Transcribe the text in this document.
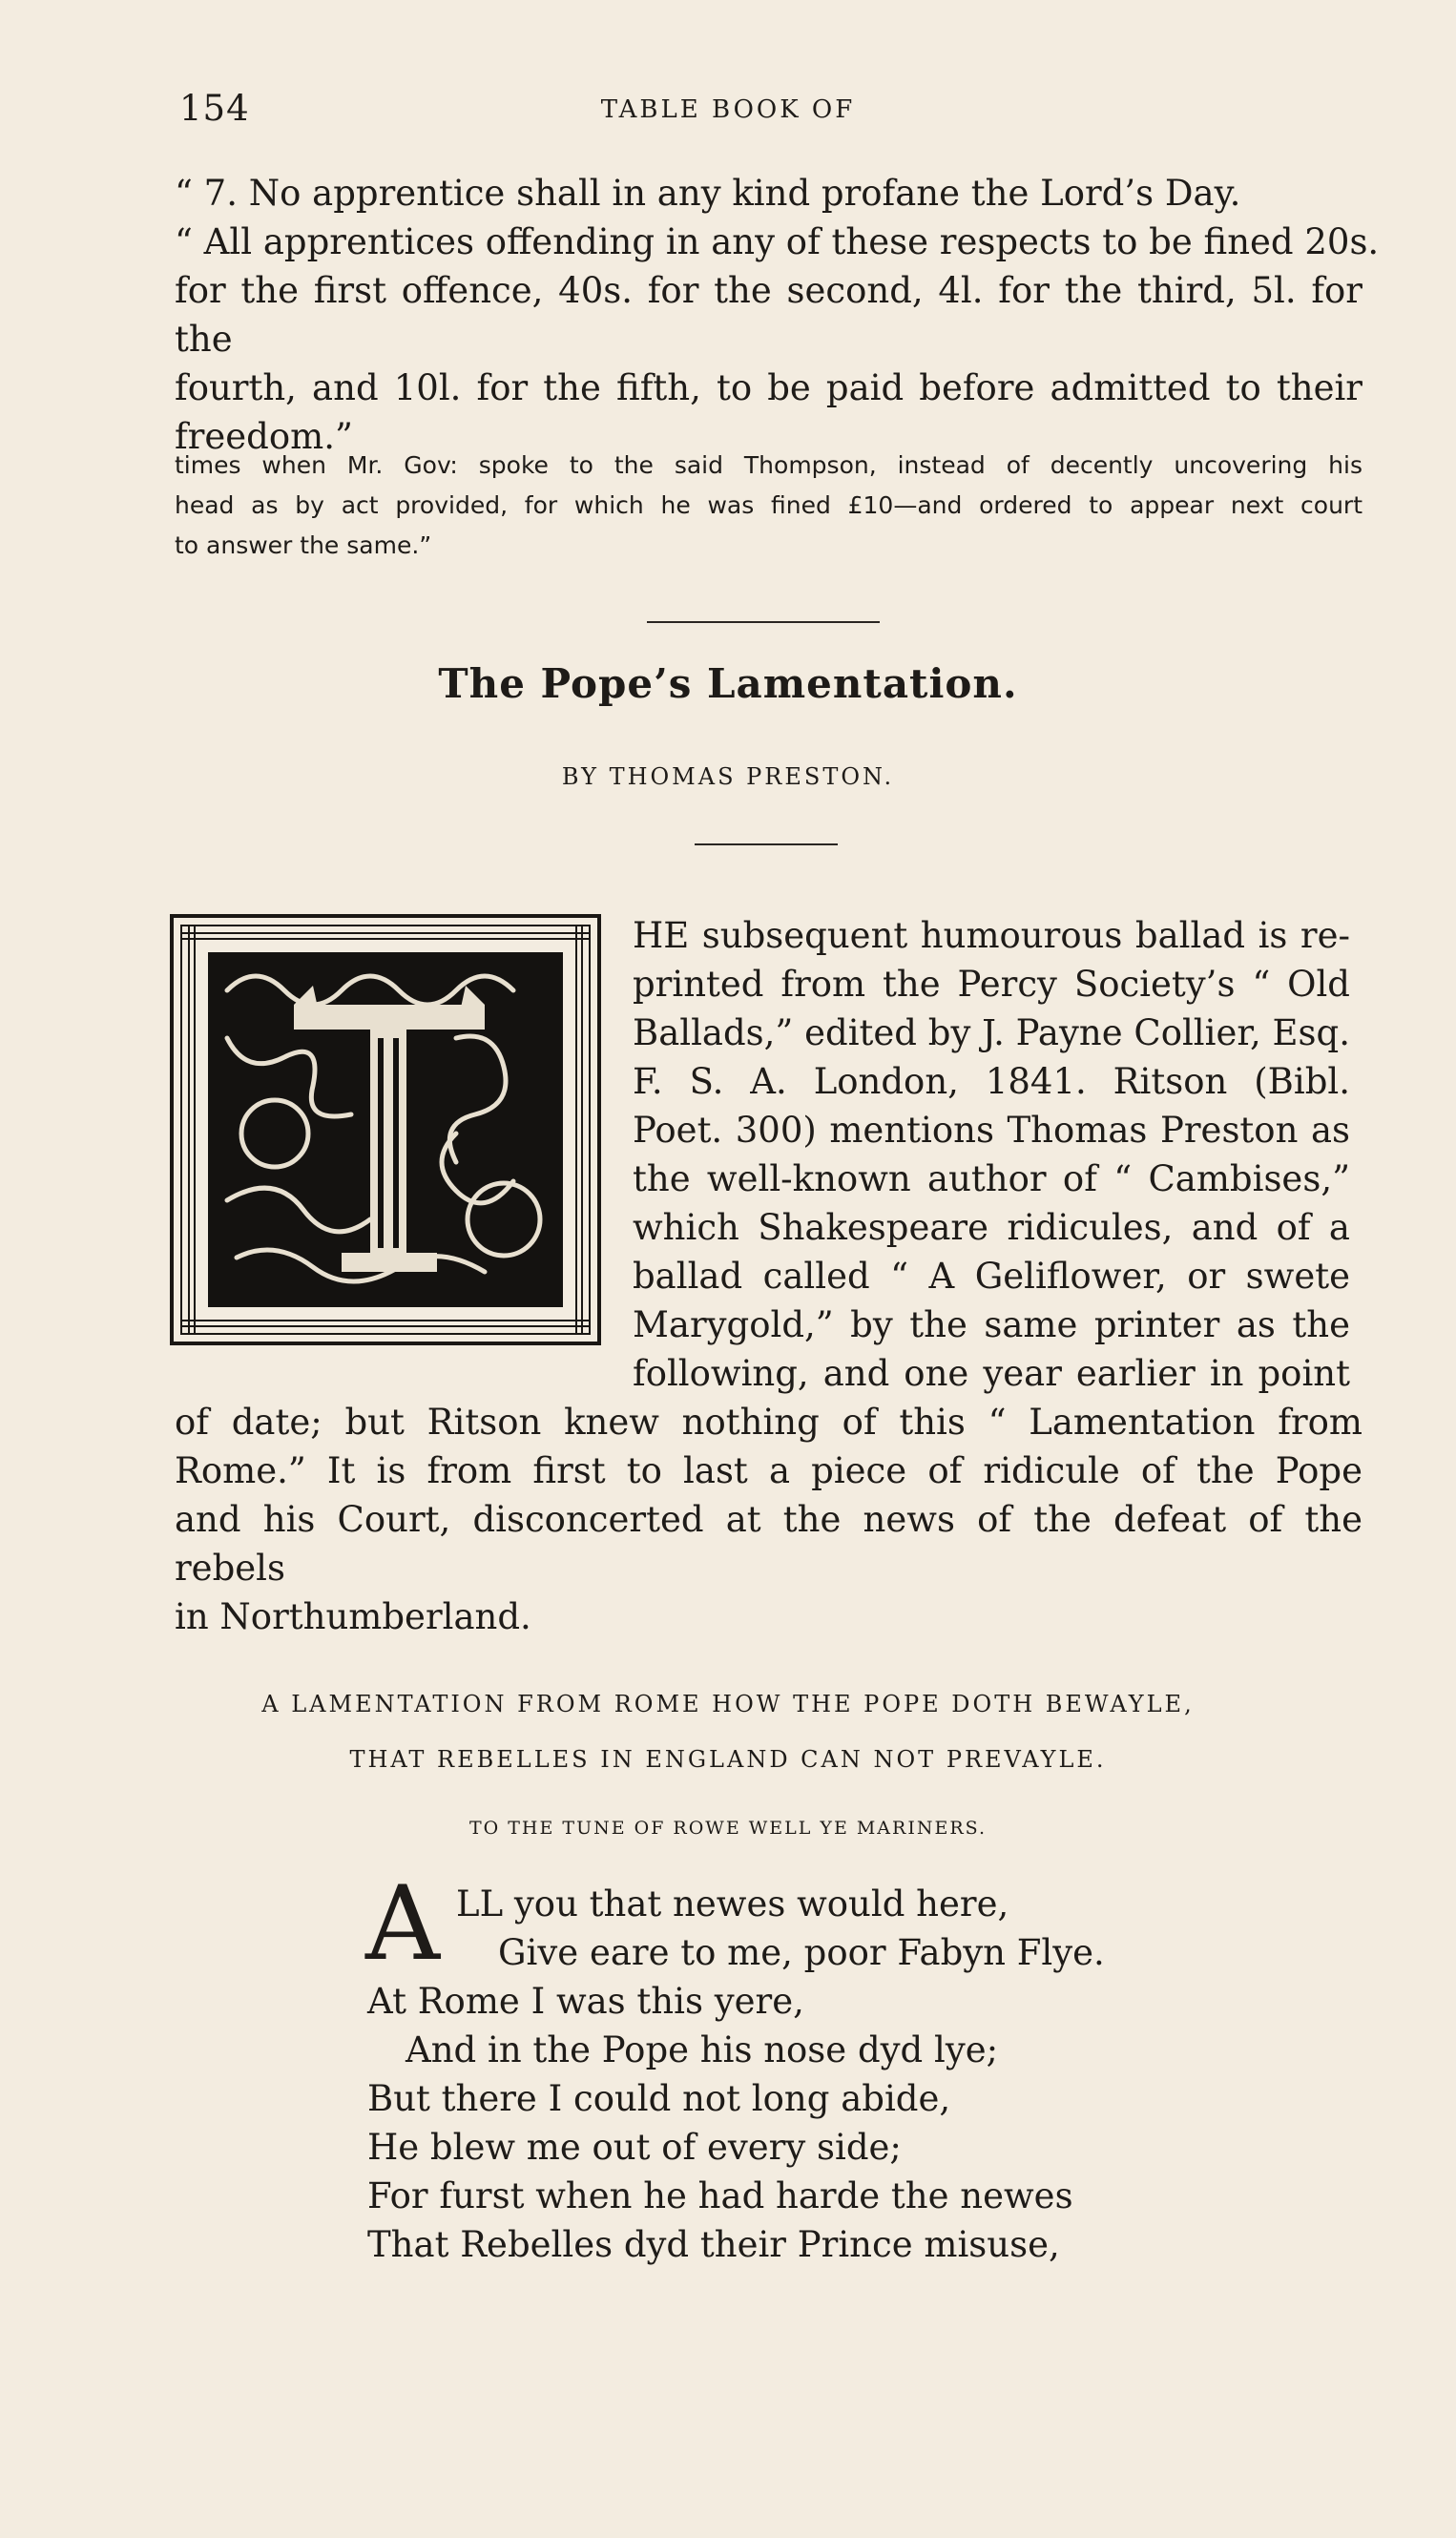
154	TABLE BOOK OF
“ 7. No apprentice shall in any kind profane the Lord’s Day.
“ All apprentices offending in any of these respects to be fined 20s.
for the first offence, 40s. for the second, 4l. for the third, 5l. for the
fourth, and 10l. for the fifth, to be paid before admitted to their
freedom.”
times when Mr. Gov: spoke to the said Thompson, instead of decently uncovering his
head as by act provided, for which he was fined £10—and ordered to appear next court
to answer the same.”
The Pope’s Lamentation.
BY THOMAS PRESTON.
HE subsequent humourous ballad is re-
printed from the Percy Society’s “ Old
Ballads,” edited by J. Payne Collier, Esq.
F. S. A. London, 1841. Ritson (Bibl.
Poet. 300) mentions Thomas Preston as
the well-known author of “ Cambises,”
which Shakespeare ridicules, and of a
ballad called “ A Geliflower, or swete
Marygold,” by the same printer as the
following, and one year earlier in point
of date; but Ritson knew nothing of this “ Lamentation from
Rome.” It is from first to last a piece of ridicule of the Pope
and his Court, disconcerted at the news of the defeat of the rebels
in Northumberland.
A LAMENTATION FROM ROME HOW THE POPE DOTH BEWAYLE,
THAT REBELLES IN ENGLAND CAN NOT PREVAYLE.
TO THE TUNE OF ROWE WELL YE MARINERS.
A LL you that newes would here,
Give eare to me, poor Fabyn Flye.
At Rome I was this yere,
And in the Pope his nose dyd lye;
But there I could not long abide,
He blew me out of every side;
For furst when he had harde the newes
That Rebelles dyd their Prince misuse,
